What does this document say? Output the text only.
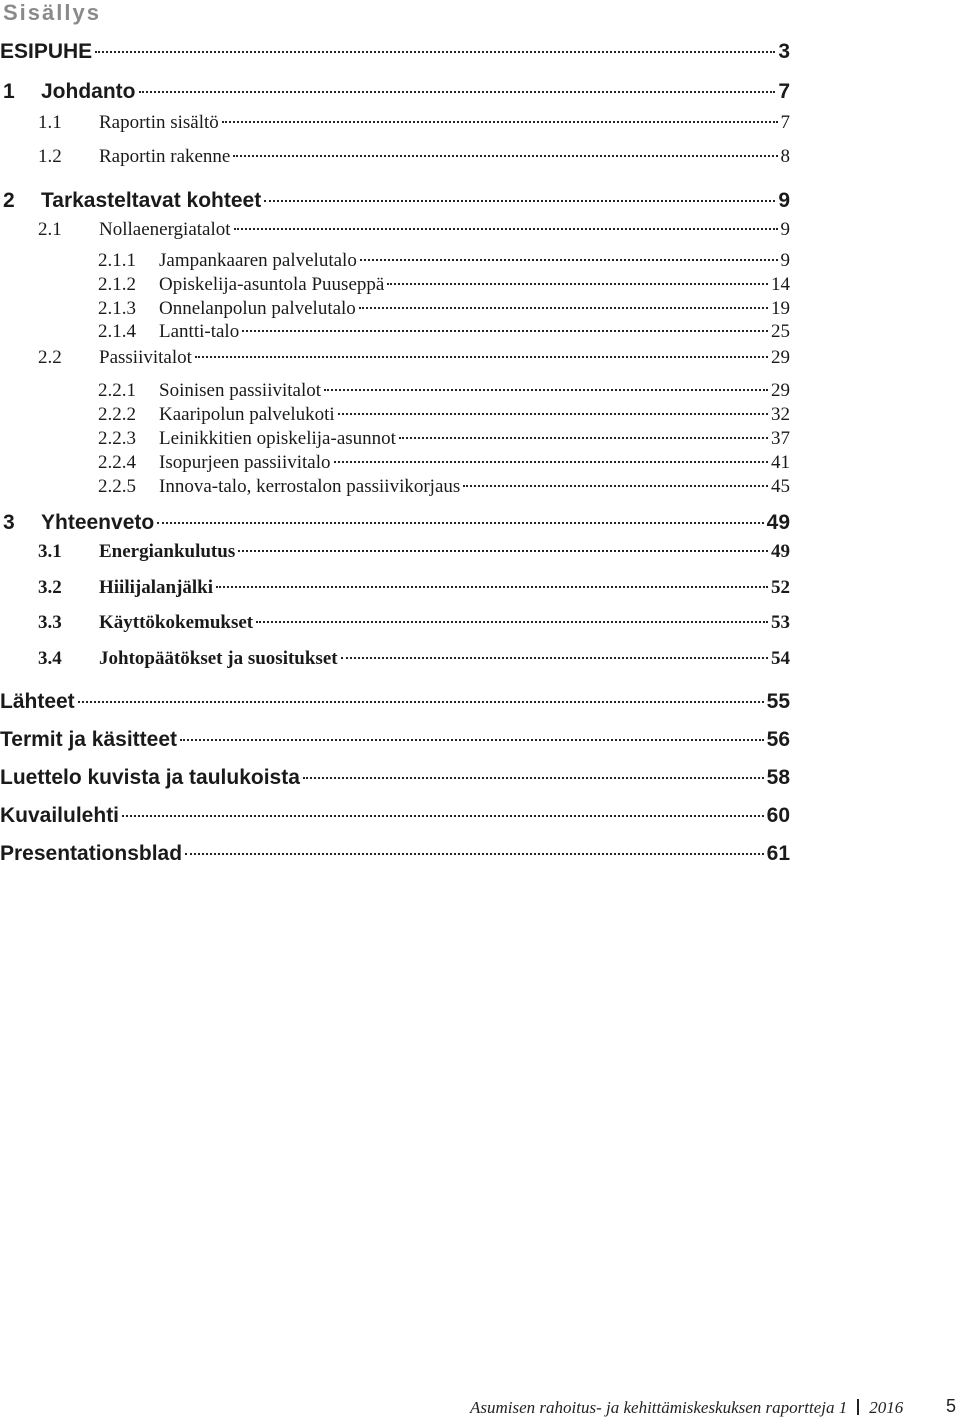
Sisällys
ESIPUHE	3
1	Johdanto	7
1.1	Raportin sisältö	7
1.2	Raportin rakenne	8
2	Tarkasteltavat kohteet	9
2.1	Nollaenergiatalot	9
2.1.1	Jampankaaren palvelutalo	9
2.1.2	Opiskelija-asuntola Puuseppä	14
2.1.3	Onnelanpolun palvelutalo	19
2.1.4	Lantti-talo	25
2.2	Passiivitalot	29
2.2.1	Soinisen passiivitalot	29
2.2.2	Kaaripolun palvelukoti	32
2.2.3	Leinikkitien opiskelija-asunnot	37
2.2.4	Isopurjeen passiivitalo	41
2.2.5	Innova-talo, kerrostalon passiivikorjaus	45
3	Yhteenveto	49
3.1	Energiankulutus	49
3.2	Hiilijalanjälki	52
3.3	Käyttökokemukset	53
3.4	Johtopäätökset ja suositukset	54
Lähteet	55
Termit ja käsitteet	56
Luettelo kuvista ja taulukoista	58
Kuvailulehti	60
Presentationsblad	61
Asumisen rahoitus- ja kehittämiskeskuksen raportteja 1 2016 5
